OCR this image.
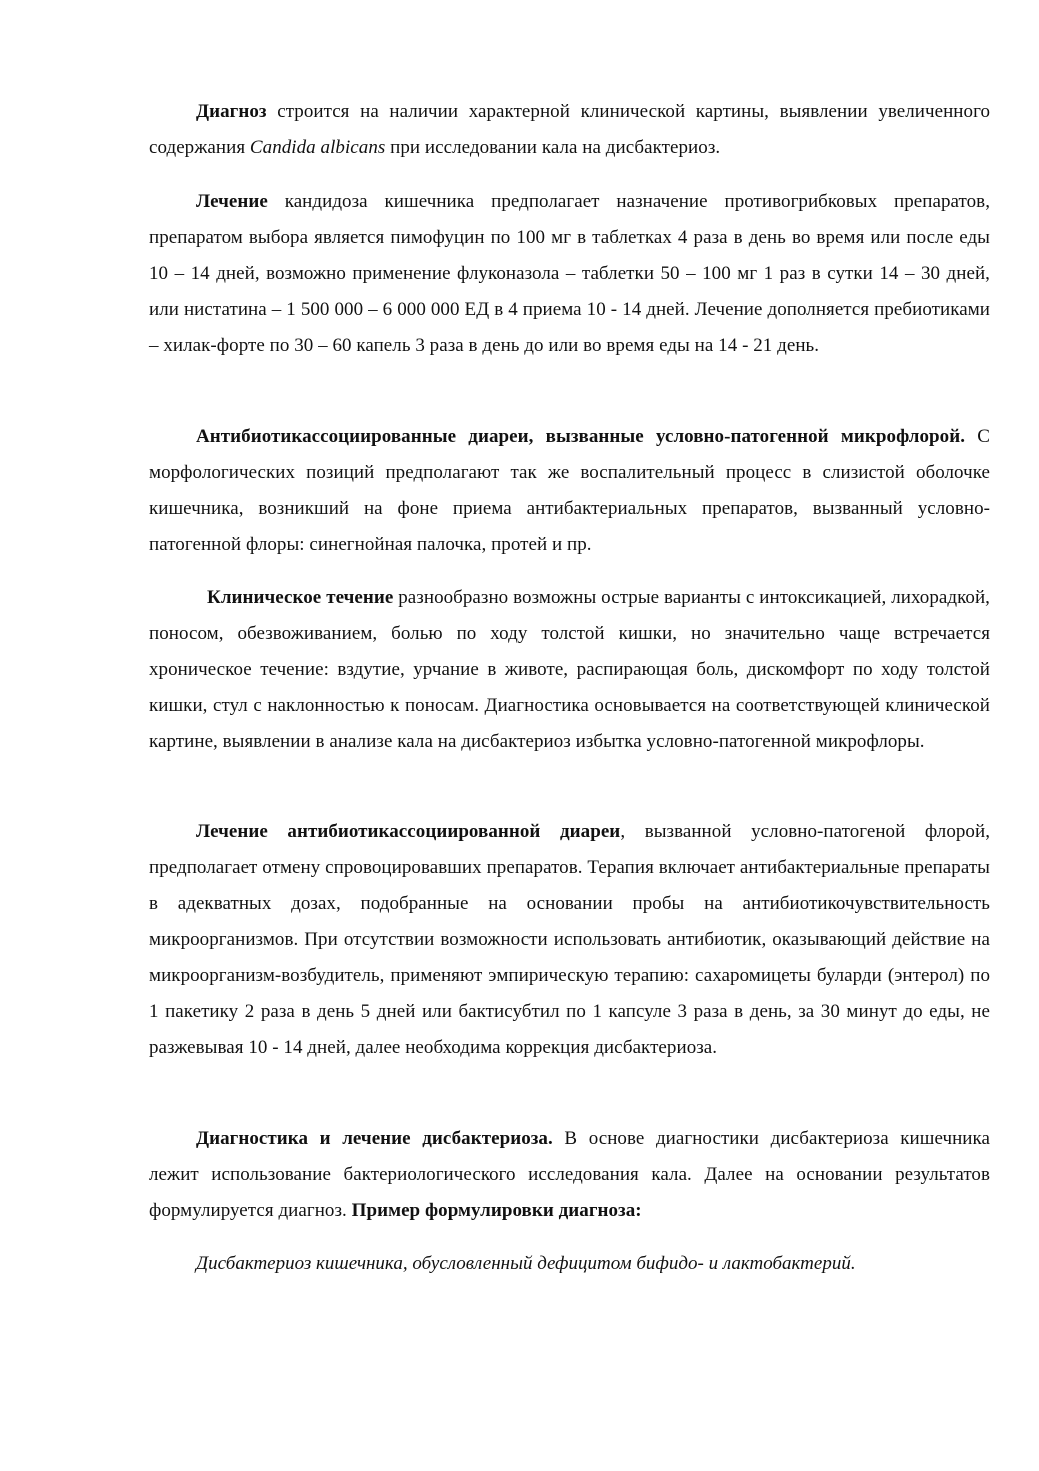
Диагноз строится на наличии характерной клинической картины, выявлении увеличенного содержания Candida albicans при исследовании кала на дисбактериоз.

Лечение кандидоза кишечника предполагает назначение противогрибковых препаратов, препаратом выбора является пимофуцин по 100 мг в таблетках 4 раза в день во время или после еды 10 – 14 дней, возможно применение флуконазола – таблетки 50 – 100 мг 1 раз в сутки 14 – 30 дней, или нистатина – 1 500 000 – 6 000 000 ЕД в 4 приема 10 - 14 дней. Лечение дополняется пребиотиками – хилак-форте по 30 – 60 капель 3 раза в день до или во время еды на 14 - 21 день.

Антибиотикассоциированные диареи, вызванные условно-патогенной микрофлорой. С морфологических позиций предполагают так же воспалительный процесс в слизистой оболочке кишечника, возникший на фоне приема антибактериальных препаратов, вызванный условно-патогенной флоры: синегнойная палочка, протей и пр.

Клиническое течение разнообразно возможны острые варианты с интоксикацией, лихорадкой, поносом, обезвоживанием, болью по ходу толстой кишки, но значительно чаще встречается хроническое течение: вздутие, урчание в животе, распирающая боль, дискомфорт по ходу толстой кишки, стул с наклонностью к поносам. Диагностика основывается на соответствующей клинической картине, выявлении в анализе кала на дисбактериоз избытка условно-патогенной микрофлоры.

Лечение антибиотикассоциированной диареи, вызванной условно-патогеной флорой, предполагает отмену спровоцировавших препаратов. Терапия включает антибактериальные препараты в адекватных дозах, подобранные на основании пробы на антибиотикочувствительность микроорганизмов. При отсутствии возможности использовать антибиотик, оказывающий действие на микроорганизм-возбудитель, применяют эмпирическую терапию: сахаромицеты буларди (энтерол) по 1 пакетику 2 раза в день 5 дней или бактисубтил по 1 капсуле 3 раза в день, за 30 минут до еды, не разжевывая 10 - 14 дней, далее необходима коррекция дисбактериоза.

Диагностика и лечение дисбактериоза. В основе диагностики дисбактериоза кишечника лежит использование бактериологического исследования кала. Далее на основании результатов формулируется диагноз. Пример формулировки диагноза:

Дисбактериоз кишечника, обусловленный дефицитом бифидо- и лактобактерий.
